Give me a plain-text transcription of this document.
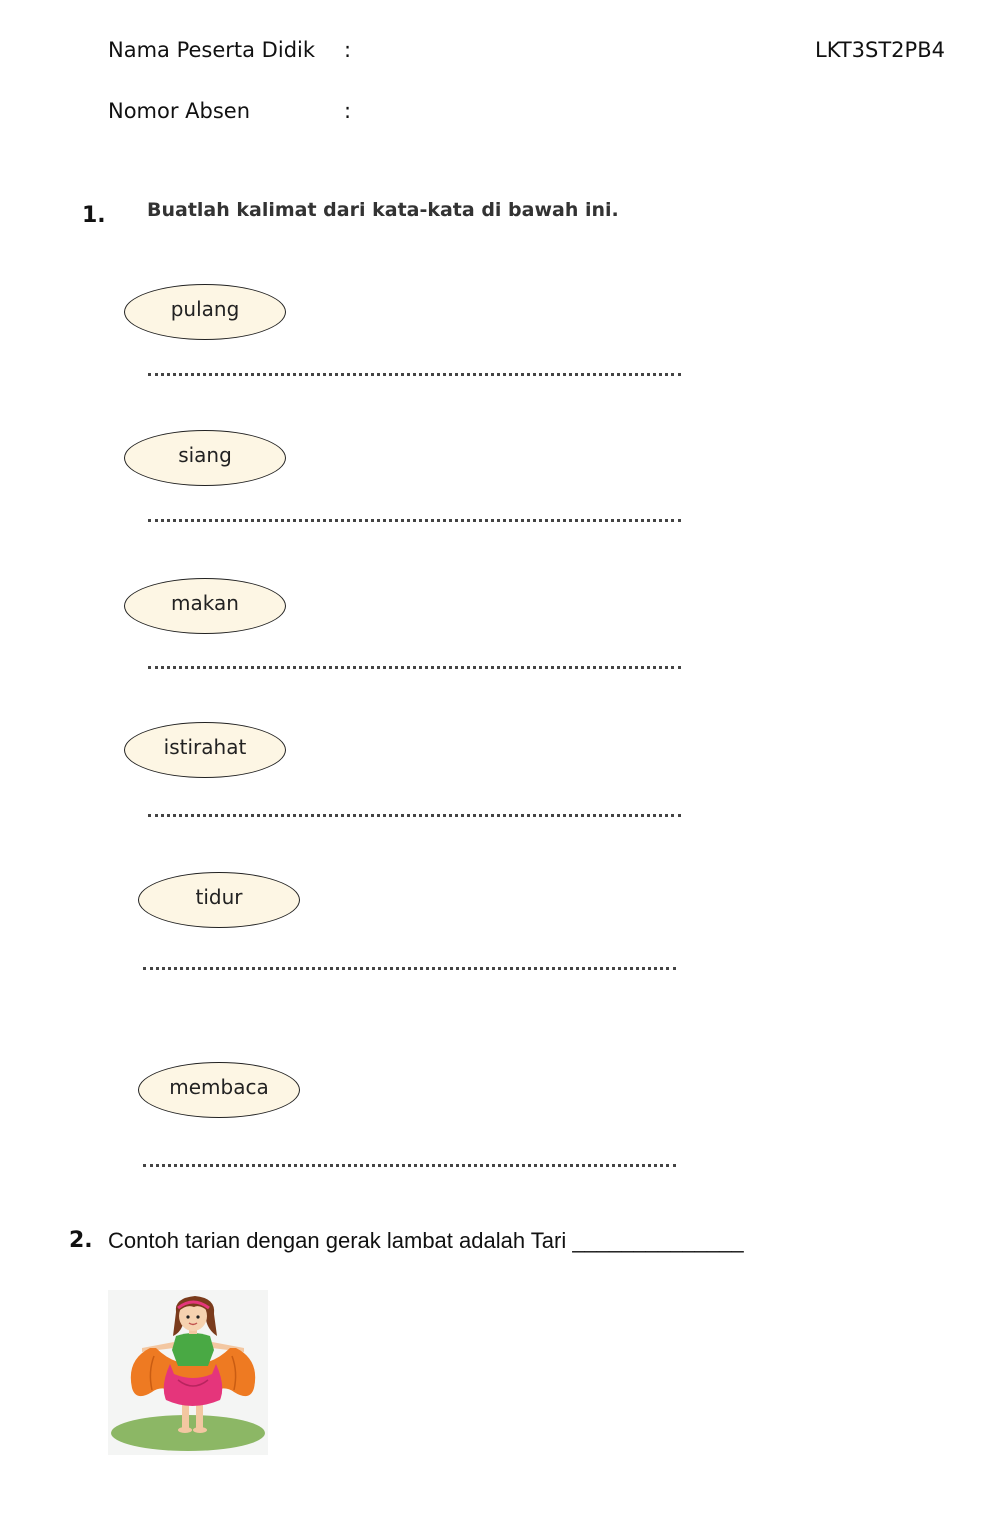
Nama Peserta Didik :	LKT3ST2PB4
Nomor Absen	:
1. Buatlah kalimat dari kata-kata di bawah ini.
pulang
siang
makan
istirahat
tidur
membaca
2. Contoh tarian dengan gerak lambat adalah Tari ______________
